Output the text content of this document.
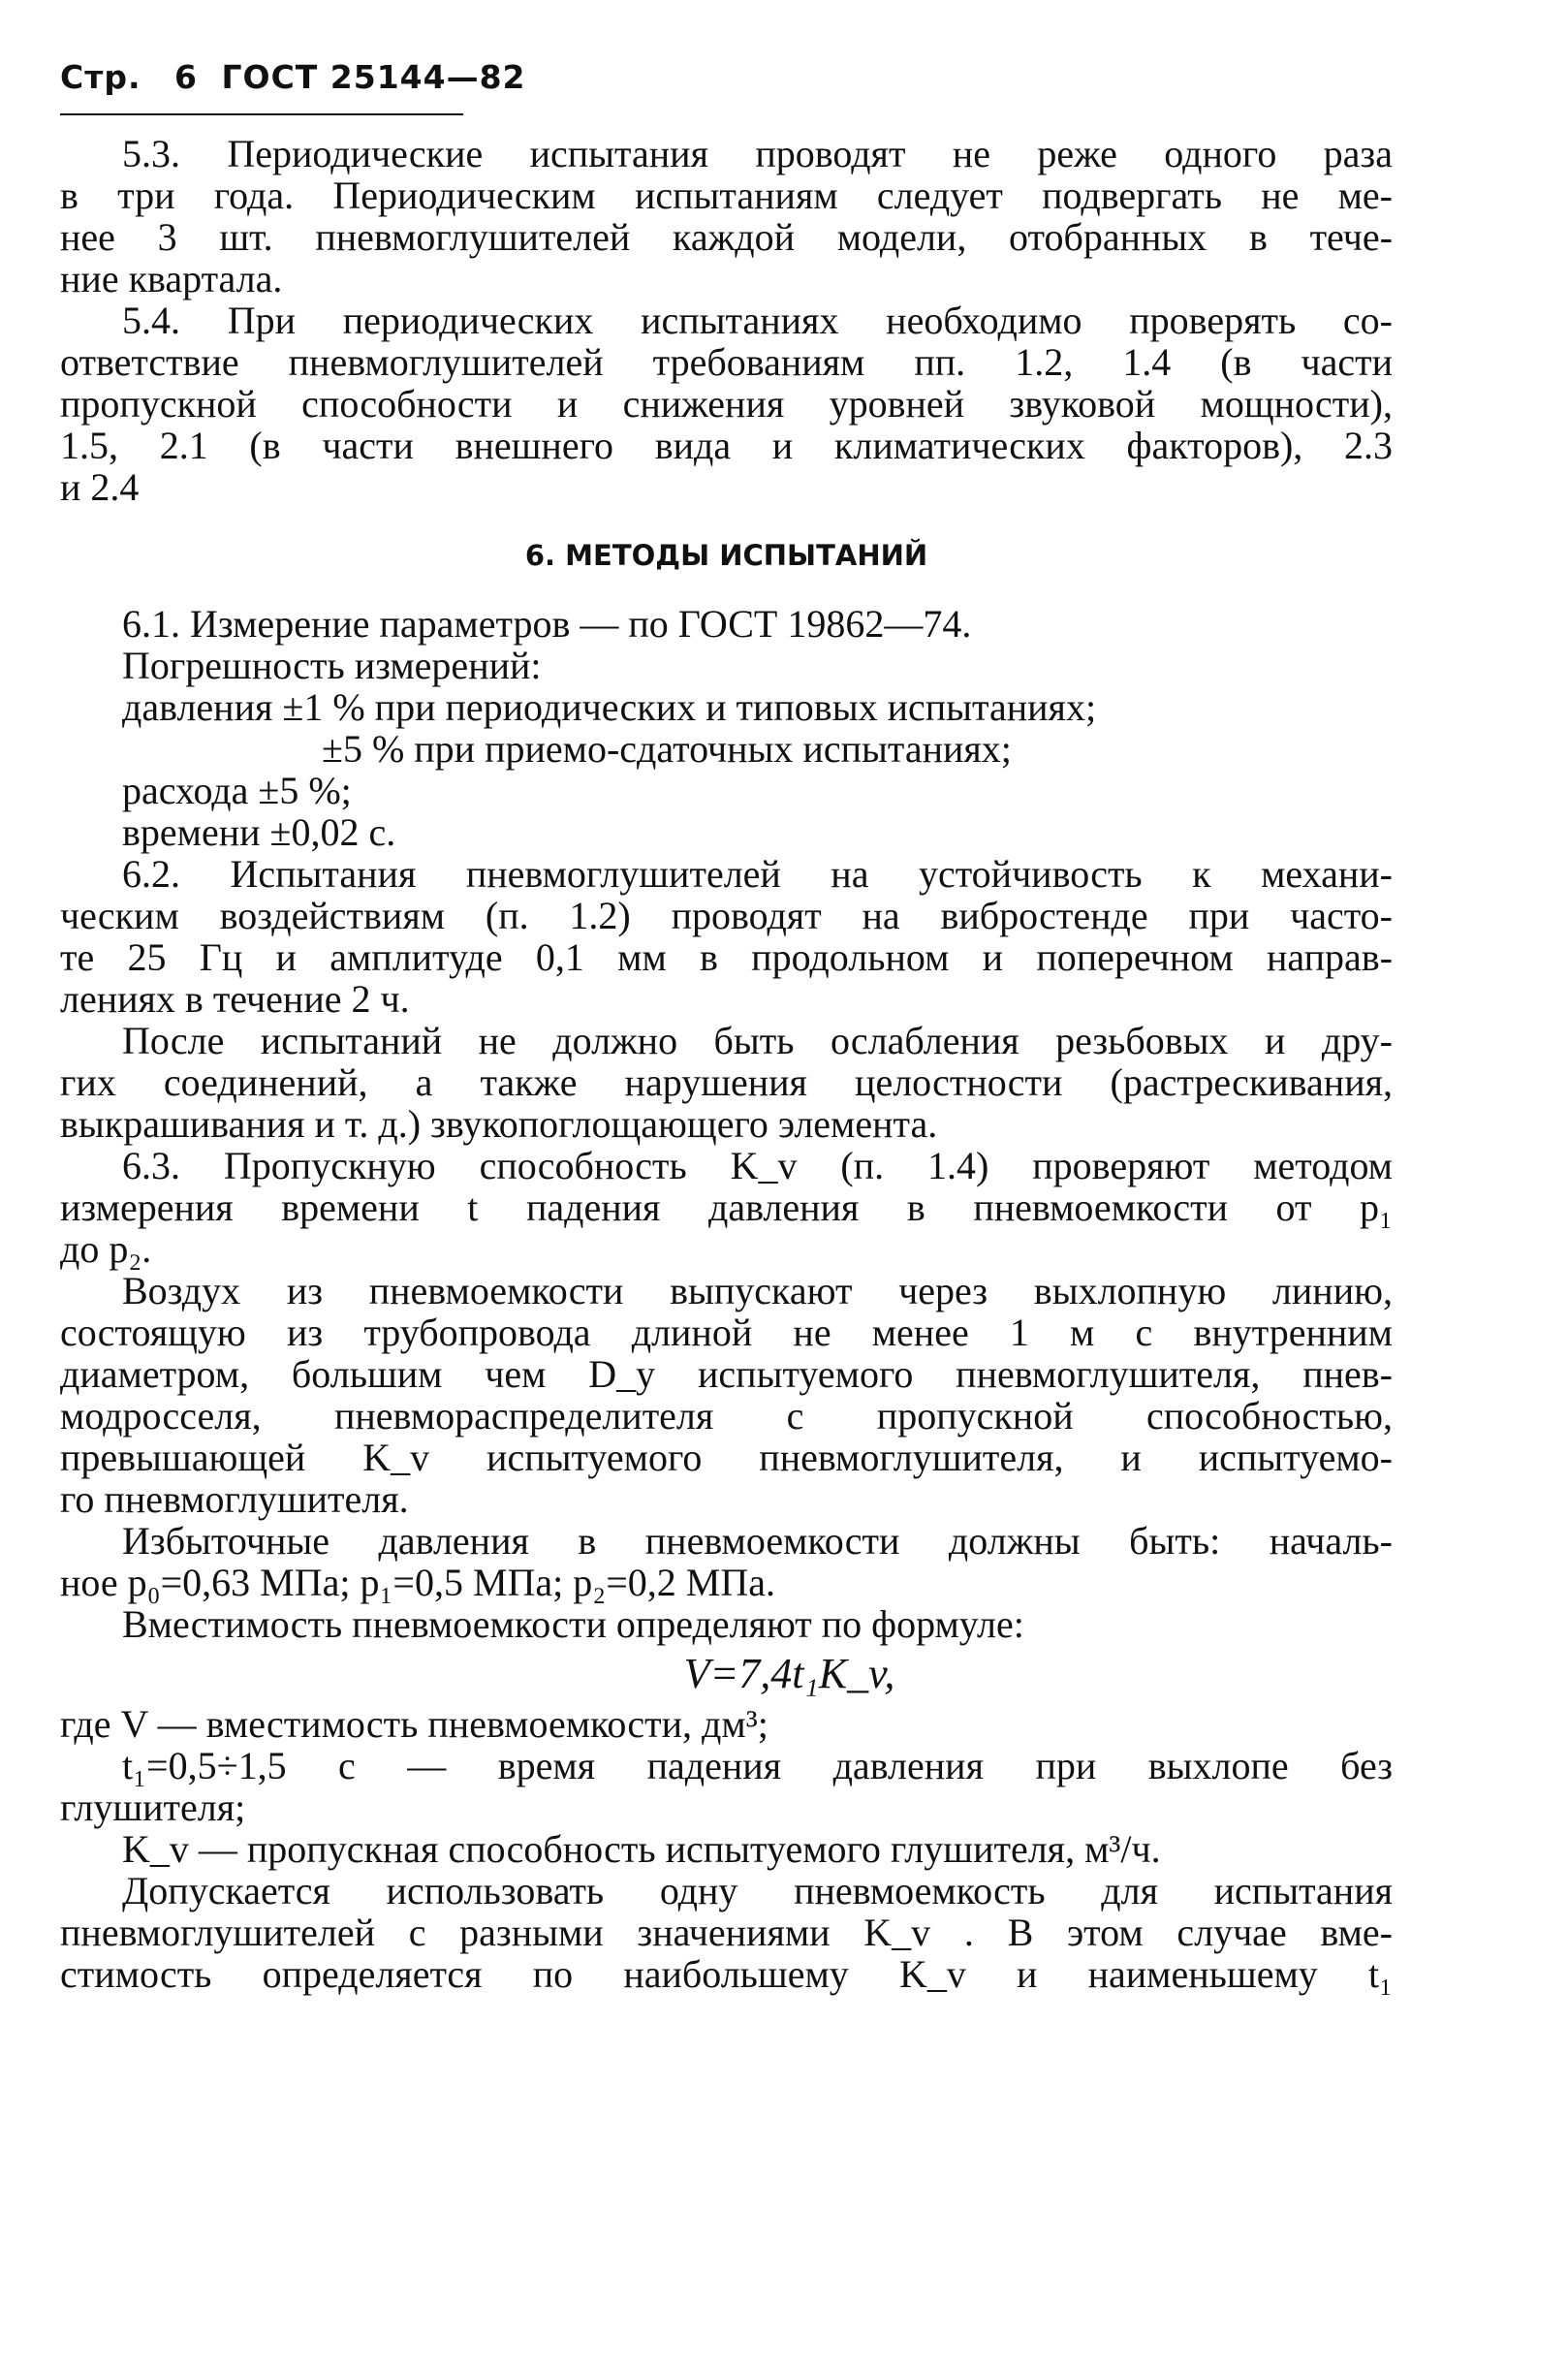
Стр. 6 ГОСТ 25144—82
5.3. Периодические испытания проводят не реже одного раза
в три года. Периодическим испытаниям следует подвергать не ме-
нее 3 шт. пневмоглушителей каждой модели, отобранных в тече-
ние квартала.
5.4. При периодических испытаниях необходимо проверять со-
ответствие пневмоглушителей требованиям пп. 1.2, 1.4 (в части
пропускной способности и снижения уровней звуковой мощности),
1.5, 2.1 (в части внешнего вида и климатических факторов), 2.3
и 2.4
6. МЕТОДЫ ИСПЫТАНИЙ
6.1. Измерение параметров — по ГОСТ 19862—74.
Погрешность измерений:
давления ±1 % при периодических и типовых испытаниях;
±5 % при приемо-сдаточных испытаниях;
расхода ±5 %;
времени ±0,02 с.
6.2. Испытания пневмоглушителей на устойчивость к механи-
ческим воздействиям (п. 1.2) проводят на вибростенде при часто-
те 25 Гц и амплитуде 0,1 мм в продольном и поперечном направ-
лениях в течение 2 ч.
После испытаний не должно быть ослабления резьбовых и дру-
гих соединений, а также нарушения целостности (растрескивания,
выкрашивания и т. д.) звукопоглощающего элемента.
6.3. Пропускную способность K_v (п. 1.4) проверяют методом
измерения времени t падения давления в пневмоемкости от p₁
до p₂.
Воздух из пневмоемкости выпускают через выхлопную линию,
состоящую из трубопровода длиной не менее 1 м с внутренним
диаметром, большим чем D_y испытуемого пневмоглушителя, пнев-
модросселя, пневмораспределителя с пропускной способностью,
превышающей K_v испытуемого пневмоглушителя, и испытуемо-
го пневмоглушителя.
Избыточные давления в пневмоемкости должны быть: началь-
ное p₀=0,63 МПа; p₁=0,5 МПа; p₂=0,2 МПа.
Вместимость пневмоемкости определяют по формуле:
V=7,4t₁K_v,
где V — вместимость пневмоемкости, дм³;
t₁=0,5÷1,5 с — время падения давления при выхлопе без
глушителя;
K_v — пропускная способность испытуемого глушителя, м³/ч.
Допускается использовать одну пневмоемкость для испытания
пневмоглушителей с разными значениями K_v . В этом случае вме-
стимость определяется по наибольшему K_v и наименьшему t₁
